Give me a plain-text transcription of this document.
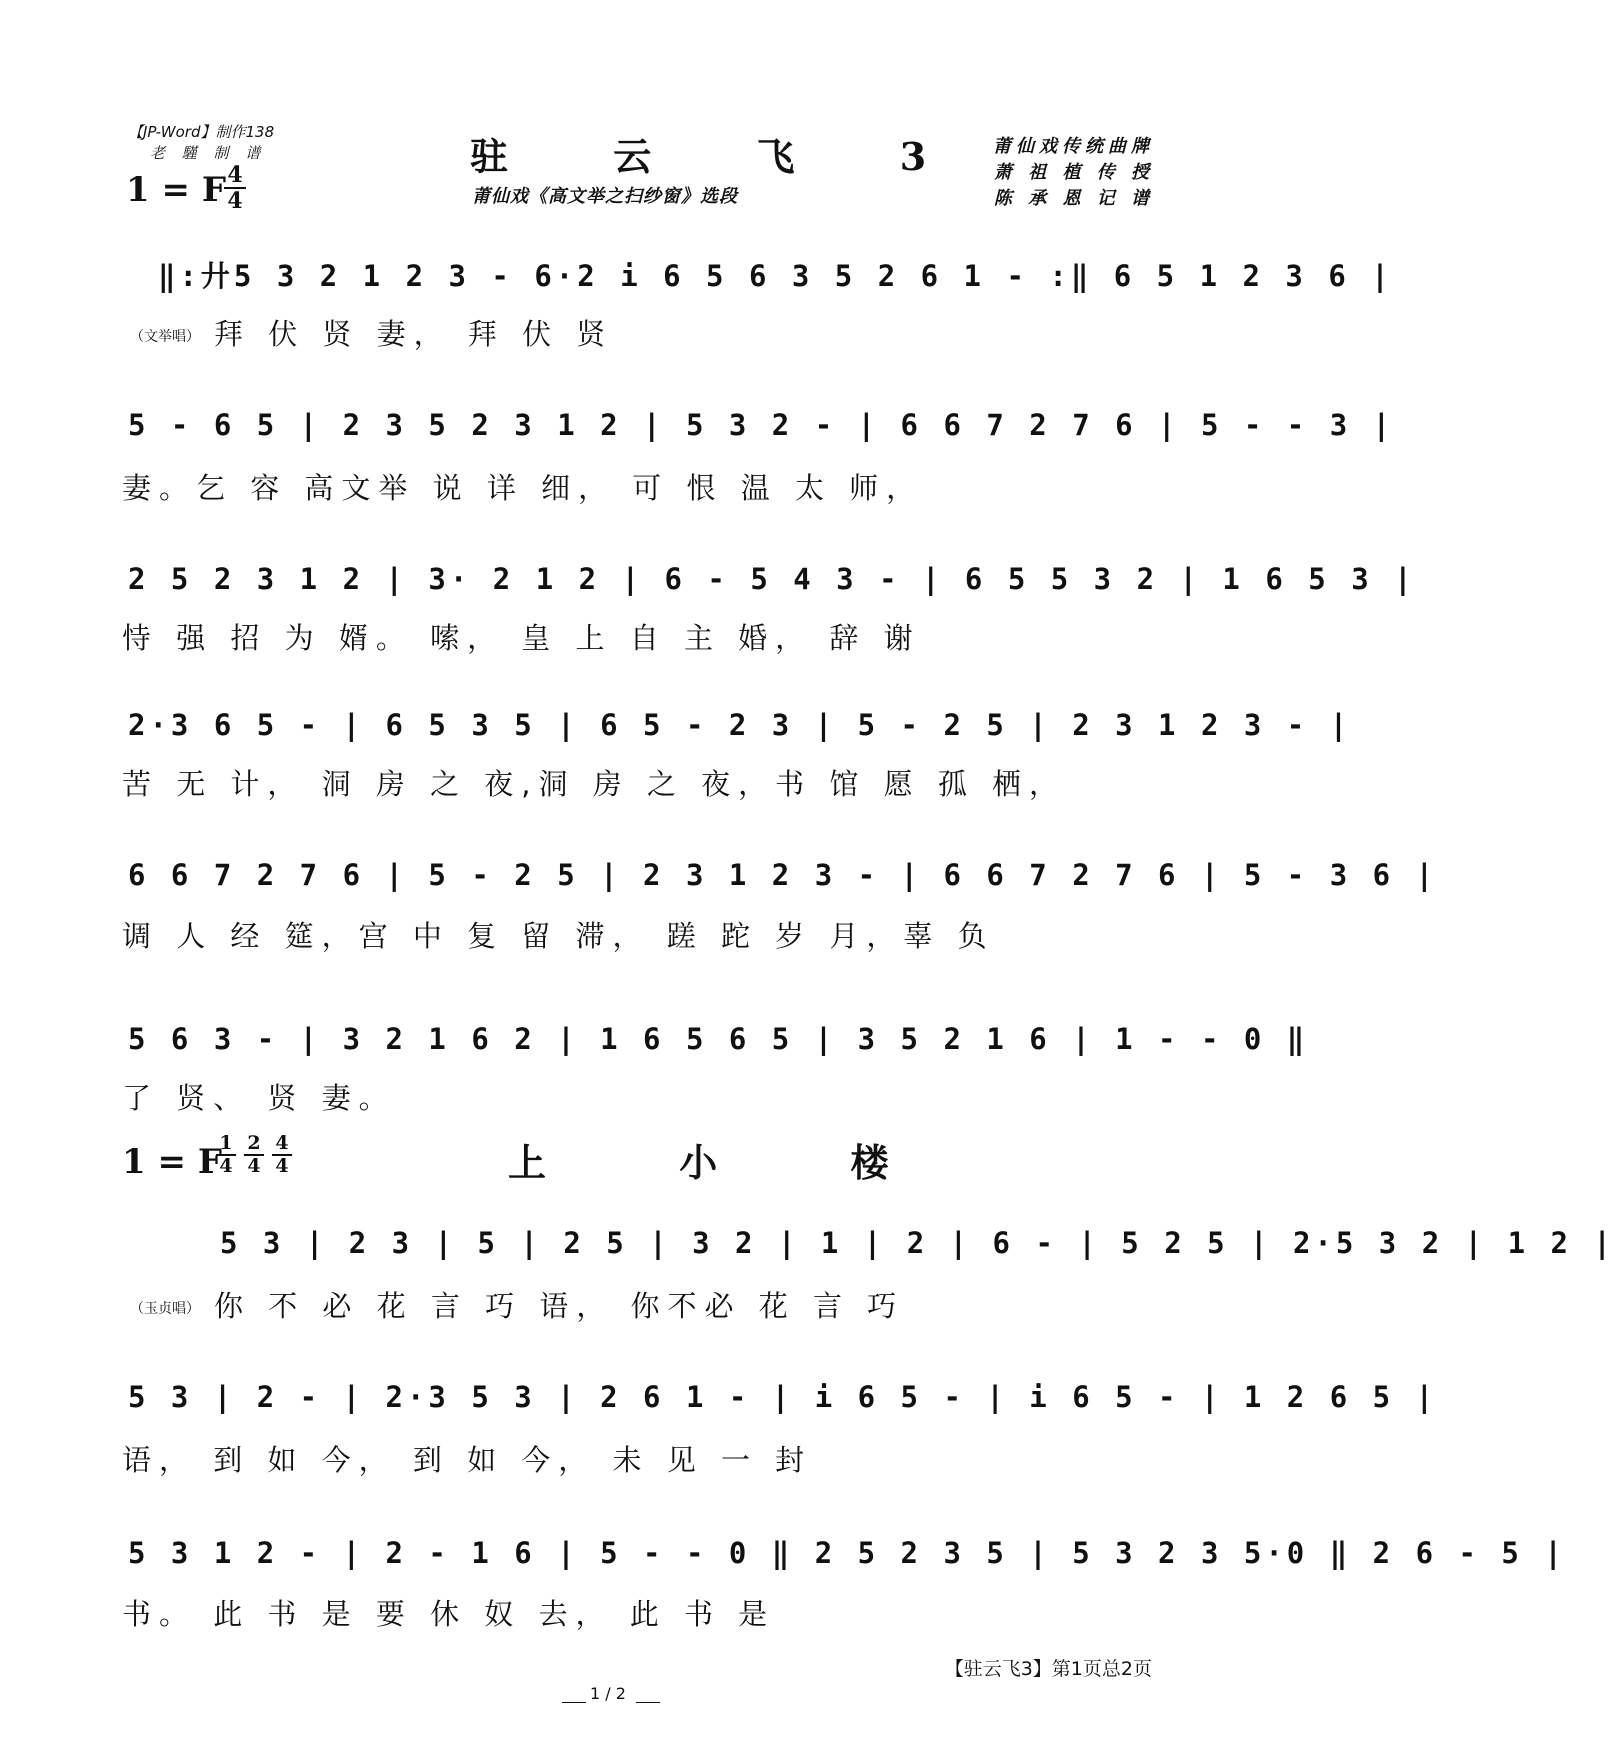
【JP-Word】制作138
老 騹 制 谱
1 = F 4
4
驻 云 飞 3
莆仙戏《高文举之扫纱窗》选段
莆仙戏传统曲牌
萧 祖 植 传 授
陈 承 恩 记 谱
‖:廾5 3 2 1 2 3 - 6·2 i 6 5 6 3 5 2 6 1 - :‖ 6 5 1 2 3 6 |
（文举唱） 拜 伏 贤 妻， 拜 伏 贤
5 - 6 5 | 2 3 5 2 3 1 2 | 5 3 2 - | 6 6 7 2 7 6 | 5 - - 3 |
妻。乞 容 高文举 说 详 细， 可 恨 温 太 师，
2 5 2 3 1 2 | 3· 2 1 2 | 6 - 5 4 3 - | 6 5 5 3 2 | 1 6 5 3 |
恃 强 招 为 婿。 嗦， 皇 上 自 主 婚， 辞 谢
2·3 6 5 - | 6 5 3 5 | 6 5 - 2 3 | 5 - 2 5 | 2 3 1 2 3 - |
苦 无 计， 洞 房 之 夜,洞 房 之 夜，书 馆 愿 孤 栖，
6 6 7 2 7 6 | 5 - 2 5 | 2 3 1 2 3 - | 6 6 7 2 7 6 | 5 - 3 6 |
调 人 经 筵，宫 中 复 留 滞， 蹉 跎 岁 月，辜 负
5 6 3 - | 3 2 1 6 2 | 1 6 5 6 5 | 3 5 2 1 6 | 1 - - 0 ‖
了 贤、 贤 妻。
1 = F
1
4
2
4
4
4	上 小 楼
5 3 | 2 3 | 5 | 2 5 | 3 2 | 1 | 2 | 6 - | 5 2 5 | 2·5 3 2 | 1 2 |
（玉贞唱） 你 不 必 花 言 巧 语， 你不必 花 言 巧
5 3 | 2 - | 2·3 5 3 | 2 6 1 - | i 6 5 - | i 6 5 - | 1 2 6 5 |
语， 到 如 今， 到 如 今， 未 见 一 封
5 3 1 2 - | 2 - 1 6 | 5 - - 0 ‖ 2 5 2 3 5 | 5 3 2 3 5·0 ‖ 2 6 - 5 |
书。 此 书 是 要 休 奴 去， 此 书 是
【驻云飞3】第1页总2页
1 / 2
